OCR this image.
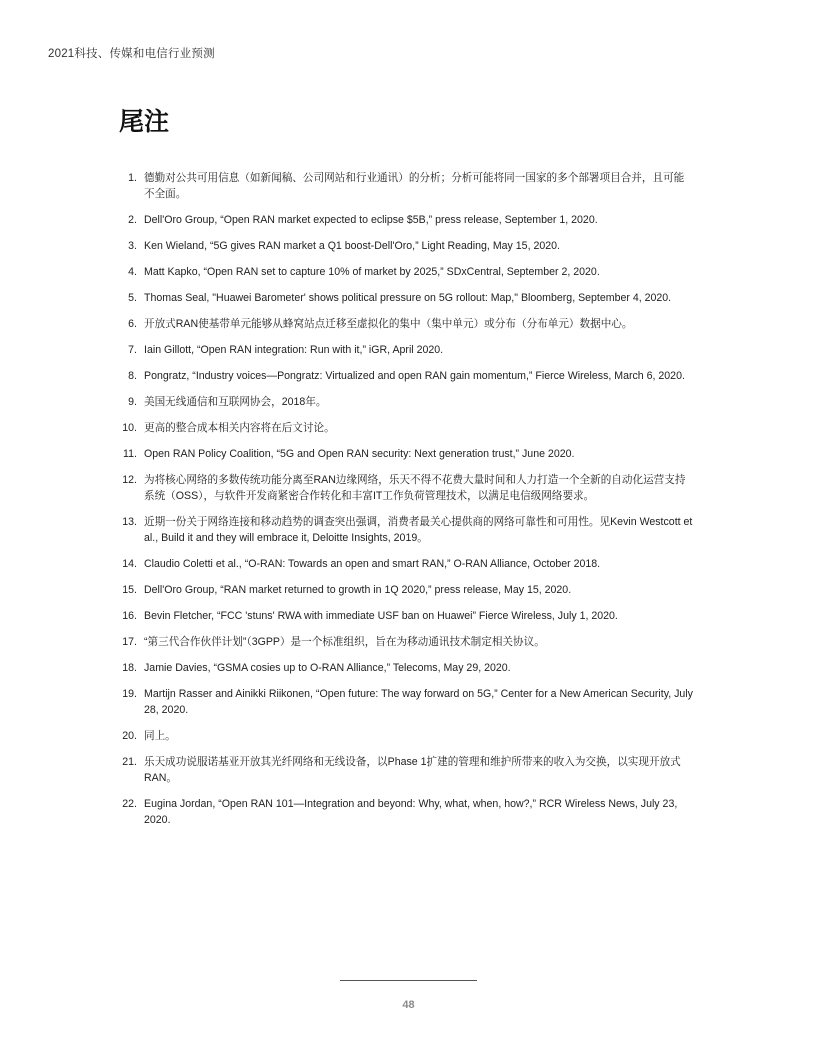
2021科技、传媒和电信行业预测
尾注
1. 德勤对公共可用信息（如新闻稿、公司网站和行业通讯）的分析；分析可能将同一国家的多个部署项目合并，且可能不全面。
2. Dell'Oro Group, “Open RAN market expected to eclipse $5B,” press release, September 1, 2020.
3. Ken Wieland, “5G gives RAN market a Q1 boost-Dell'Oro,” Light Reading, May 15, 2020.
4. Matt Kapko, “Open RAN set to capture 10% of market by 2025,” SDxCentral, September 2, 2020.
5. Thomas Seal, "Huawei Barometer' shows political pressure on 5G rollout: Map," Bloomberg, September 4, 2020.
6. 开放式RAN使基带单元能够从蜂窝站点迁移至虚拟化的集中（集中单元）或分布（分布单元）数据中心。
7. Iain Gillott, “Open RAN integration: Run with it,” iGR, April 2020.
8. Pongratz, “Industry voices—Pongratz: Virtualized and open RAN gain momentum,” Fierce Wireless, March 6, 2020.
9. 美国无线通信和互联网协会，2018年。
10. 更高的整合成本相关内容将在后文讨论。
11. Open RAN Policy Coalition, “5G and Open RAN security: Next generation trust,” June 2020.
12. 为将核心网络的多数传统功能分离至RAN边缘网络，乐天不得不花费大量时间和人力打造一个全新的自动化运营支持系统（OSS），与软件开发商紧密合作转化和丰富IT工作负荷管理技术，以满足电信级网络要求。
13. 近期一份关于网络连接和移动趋势的调查突出强调，消费者最关心提供商的网络可靠性和可用性。见Kevin Westcott et al., Build it and they will embrace it, Deloitte Insights, 2019。
14. Claudio Coletti et al., “O-RAN: Towards an open and smart RAN,” O-RAN Alliance, October 2018.
15. Dell'Oro Group, “RAN market returned to growth in 1Q 2020,” press release, May 15, 2020.
16. Bevin Fletcher, “FCC 'stuns' RWA with immediate USF ban on Huawei” Fierce Wireless, July 1, 2020.
17. “第三代合作伙伴计划”（3GPP）是一个标准组织，旨在为移动通讯技术制定相关协议。
18. Jamie Davies, “GSMA cosies up to O-RAN Alliance,” Telecoms, May 29, 2020.
19. Martijn Rasser and Ainikki Riikonen, “Open future: The way forward on 5G,” Center for a New American Security, July 28, 2020.
20. 同上。
21. 乐天成功说服诺基亚开放其光纤网络和无线设备，以Phase 1扩建的管理和维护所带来的收入为交换，以实现开放式RAN。
22. Eugina Jordan, “Open RAN 101—Integration and beyond: Why, what, when, how?,” RCR Wireless News, July 23, 2020.
48
